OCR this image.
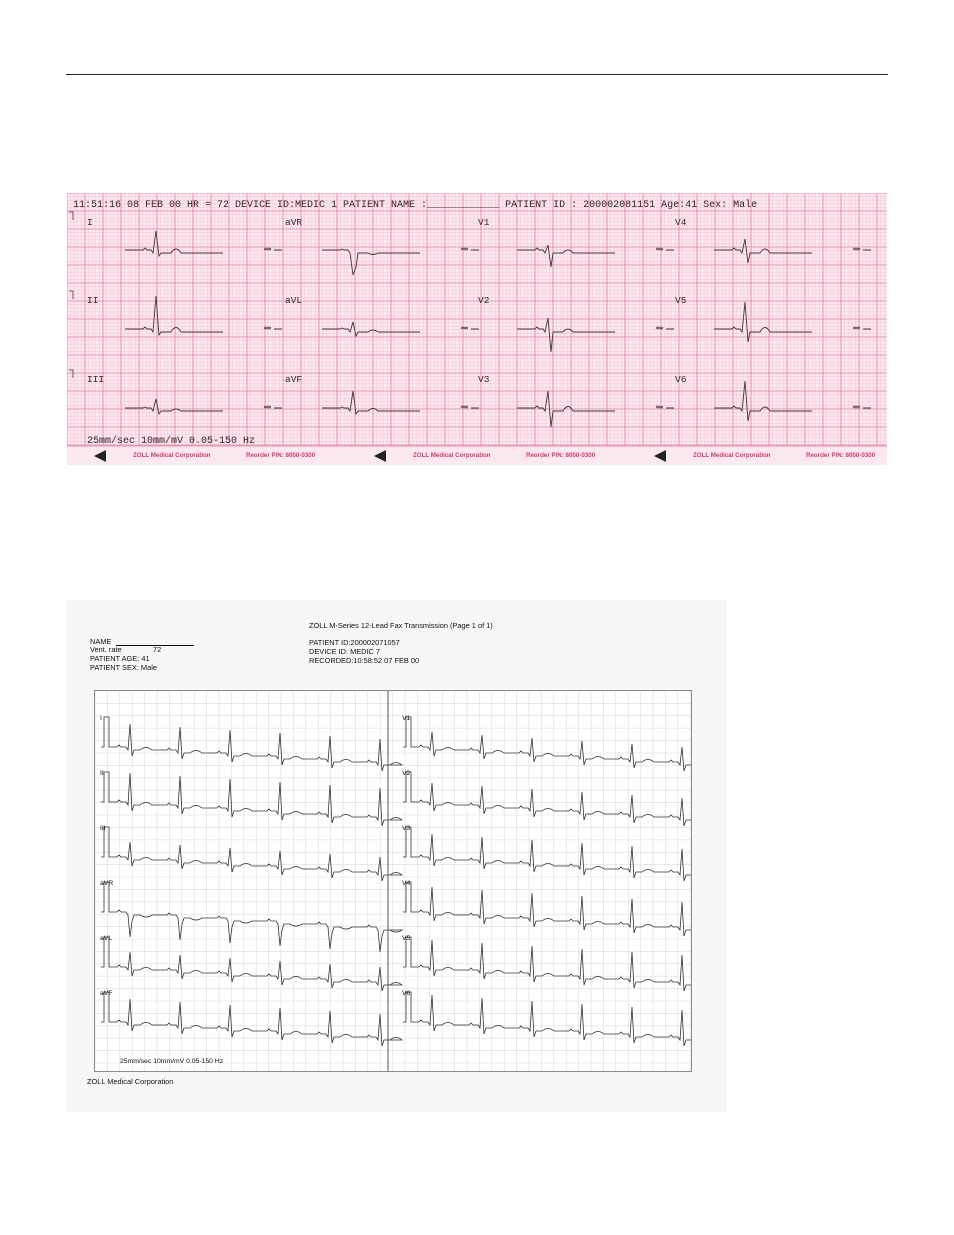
11:51:16 08 FEB 00 HR = 72 DEVICE ID:MEDIC 1 PATIENT NAME :____________ PATIENT ID : 200002081151 Age:41 Sex: Male
I	aVR	V1	V4
II	aVL	V2	V5
III	aVF	V3	V6
25mm/sec 10mm/mV 0.05-150 Hz
ZOLL Medical Corporation	Reorder P/N: 8000-0300	ZOLL Medical Corporation	Reorder P/N: 8000-0300	ZOLL Medical Corporation	Reorder P/N: 8000-0300
ZOLL M-Series 12-Lead Fax Transmission (Page 1 of 1)
NAME
Vent. rate	72
PATIENT AGE: 41
PATIENT SEX: Male
PATIENT ID:200002071057
DEVICE ID: MEDIC 7
RECORDED:10:58:52 07 FEB 00
I
II
III
aVR
aVL
aVF
V1
V2
V3
V4
V5
V6
25mm/sec 10mm/mV 0.05-150 Hz
ZOLL Medical Corporation
